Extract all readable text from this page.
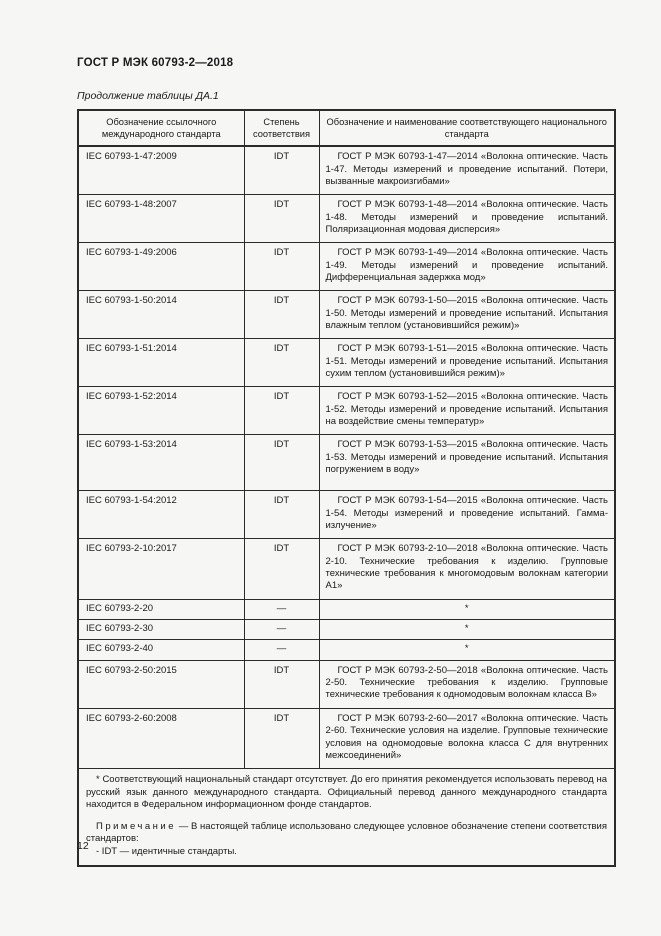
ГОСТ Р МЭК 60793-2—2018
Продолжение таблицы ДА.1
Обозначение ссылочного международного стандарта	Степень соответствия	Обозначение и наименование соответствующего национального стандарта
IEC 60793-1-47:2009	IDT	ГОСТ Р МЭК 60793-1-47—2014 «Волокна оптические. Часть 1-47. Методы измерений и проведение испытаний. Потери, вызванные макроизгибами»

IEC 60793-1-48:2007	IDT	ГОСТ Р МЭК 60793-1-48—2014 «Волокна оптические. Часть 1-48. Методы измерений и проведение испытаний. Поляризационная модовая дисперсия»

IEC 60793-1-49:2006	IDT	ГОСТ Р МЭК 60793-1-49—2014 «Волокна оптические. Часть 1-49. Методы измерений и проведение испытаний. Дифференциальная задержка мод»

IEC 60793-1-50:2014	IDT	ГОСТ Р МЭК 60793-1-50—2015 «Волокна оптические. Часть 1-50. Методы измерений и проведение испытаний. Испытания влажным теплом (установившийся режим)»

IEC 60793-1-51:2014	IDT	ГОСТ Р МЭК 60793-1-51—2015 «Волокна оптические. Часть 1-51. Методы измерений и проведение испытаний. Испытания сухим теплом (установившийся режим)»

IEC 60793-1-52:2014	IDT	ГОСТ Р МЭК 60793-1-52—2015 «Волокна оптические. Часть 1-52. Методы измерений и проведение испытаний. Испытания на воздействие смены температур»

IEC 60793-1-53:2014	IDT	ГОСТ Р МЭК 60793-1-53—2015 «Волокна оптические. Часть 1-53. Методы измерений и проведение испытаний. Испытания погружением в воду»

IEC 60793-1-54:2012	IDT	ГОСТ Р МЭК 60793-1-54—2015 «Волокна оптические. Часть 1-54. Методы измерений и проведение испытаний. Гамма-излучение»

IEC 60793-2-10:2017	IDT	ГОСТ Р МЭК 60793-2-10—2018 «Волокна оптические. Часть 2-10. Технические требования к изделию. Групповые технические требования к многомодовым волокнам категории А1»

IEC 60793-2-20	—	*
IEC 60793-2-30	—	*
IEC 60793-2-40	—	*
IEC 60793-2-50:2015	IDT	ГОСТ Р МЭК 60793-2-50—2018 «Волокна оптические. Часть 2-50. Технические требования к изделию. Групповые технические требования к одномодовым волокнам класса В»

IEC 60793-2-60:2008	IDT	ГОСТ Р МЭК 60793-2-60—2017 «Волокна оптические. Часть 2-60. Технические условия на изделие. Групповые технические условия на одномодовые волокна класса С для внутренних межсоединений»

* Соответствующий национальный стандарт отсутствует. До его принятия рекомендуется использовать перевод на русский язык данного международного стандарта. Официальный перевод данного международного стандарта находится в Федеральном информационном фонде стандартов.
Примечание — В настоящей таблице использовано следующее условное обозначение степени соответствия стандартов:
- IDT — идентичные стандарты.		
12
